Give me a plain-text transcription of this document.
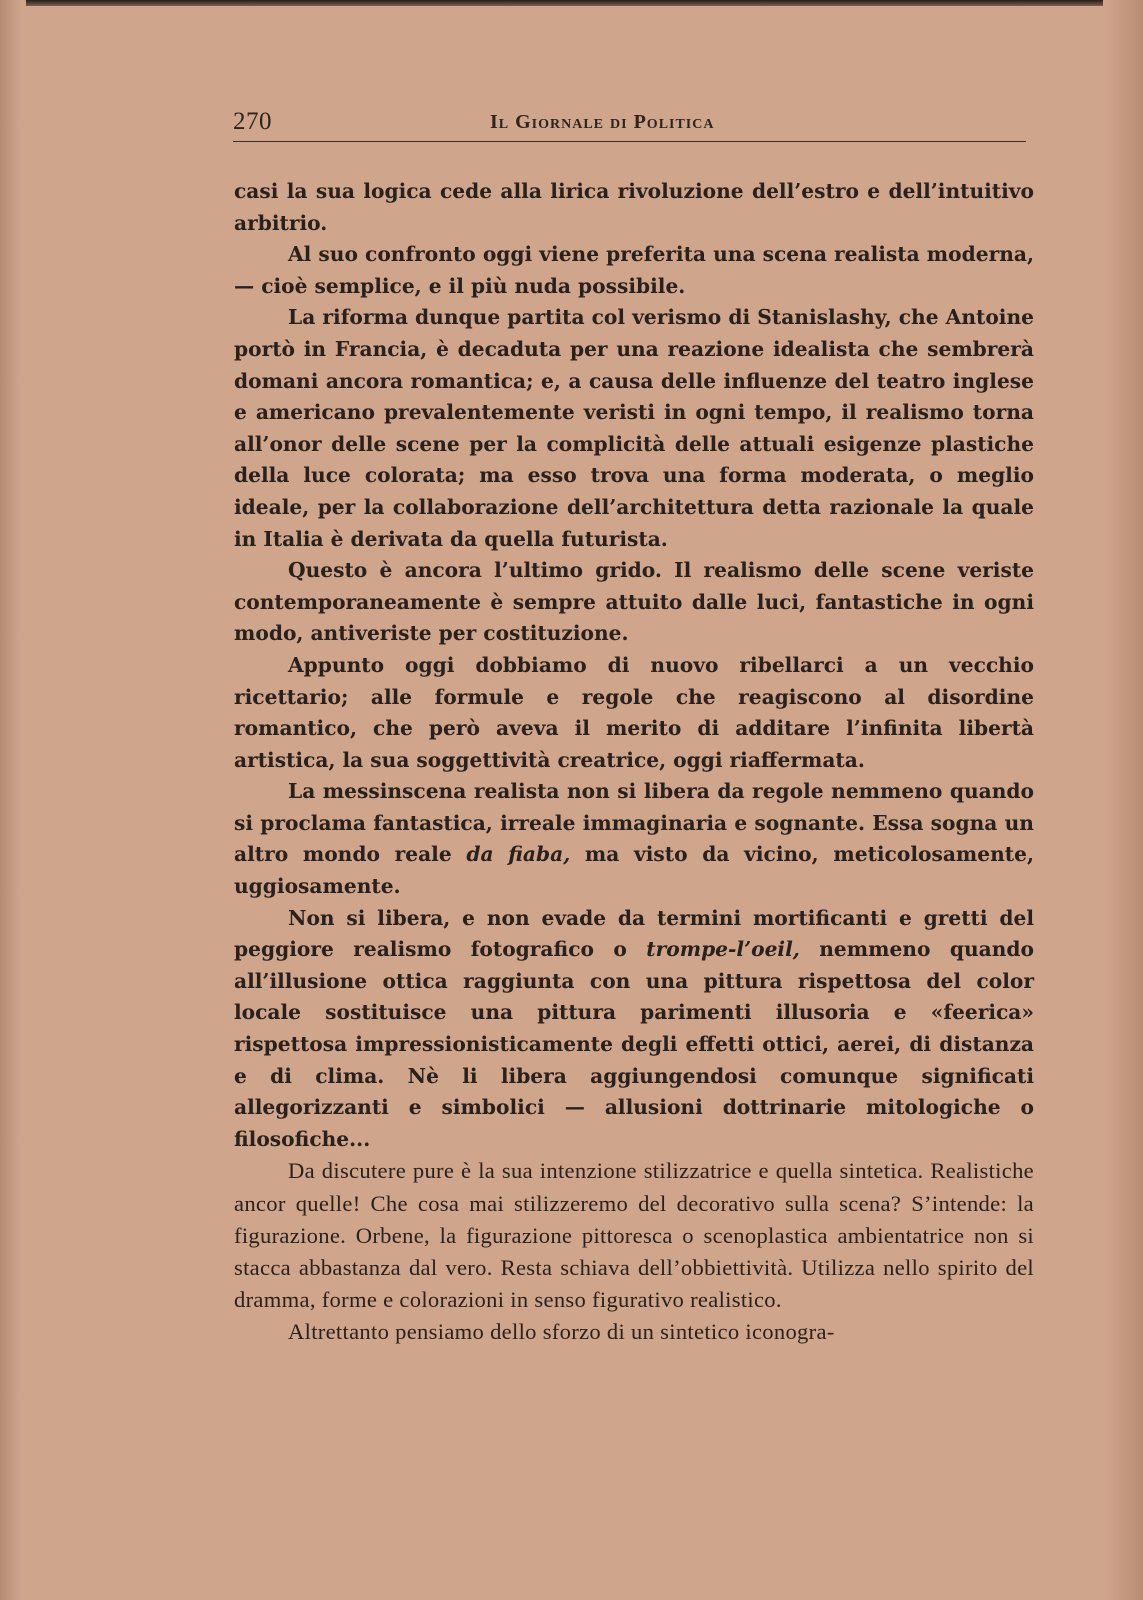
270	Il Giornale di Politica

casi la sua logica cede alla lirica rivoluzione dell’estro e dell’intuitivo arbitrio.

Al suo confronto oggi viene preferita una scena realista moderna, — cioè semplice, e il più nuda possibile.

La riforma dunque partita col verismo di Stanislashy, che Antoine portò in Francia, è decaduta per una reazione idealista che sembrerà domani ancora romantica; e, a causa delle influenze del teatro inglese e americano prevalentemente veristi in ogni tempo, il realismo torna all’onor delle scene per la complicità delle attuali esigenze plastiche della luce colorata; ma esso trova una forma moderata, o meglio ideale, per la collaborazione dell’architettura detta razionale la quale in Italia è derivata da quella futurista.

Questo è ancora l’ultimo grido. Il realismo delle scene veriste contemporaneamente è sempre attuito dalle luci, fantastiche in ogni modo, antiveriste per costituzione.

Appunto oggi dobbiamo di nuovo ribellarci a un vecchio ricettario; alle formule e regole che reagiscono al disordine romantico, che però aveva il merito di additare l’infinita libertà artistica, la sua soggettività creatrice, oggi riaffermata.

La messinscena realista non si libera da regole nemmeno quando si proclama fantastica, irreale immaginaria e sognante. Essa sogna un altro mondo reale da fiaba, ma visto da vicino, meticolosamente, uggiosamente.

Non si libera, e non evade da termini mortificanti e gretti del peggiore realismo fotografico o trompe-l’oeil, nemmeno quando all’illusione ottica raggiunta con una pittura rispettosa del color locale sostituisce una pittura parimenti illusoria e «feerica» rispettosa impressionisticamente degli effetti ottici, aerei, di distanza e di clima. Nè li libera aggiungendosi comunque significati allegorizzanti e simbolici — allusioni dottrinarie mitologiche o filosofiche...

Da discutere pure è la sua intenzione stilizzatrice e quella sintetica. Realistiche ancor quelle! Che cosa mai stilizzeremo del decorativo sulla scena? S’intende: la figurazione. Orbene, la figurazione pittoresca o scenoplastica ambientatrice non si stacca abbastanza dal vero. Resta schiava dell’obbiettività. Utilizza nello spirito del dramma, forme e colorazioni in senso figurativo realistico.

Altrettanto pensiamo dello sforzo di un sintetico iconogra-
